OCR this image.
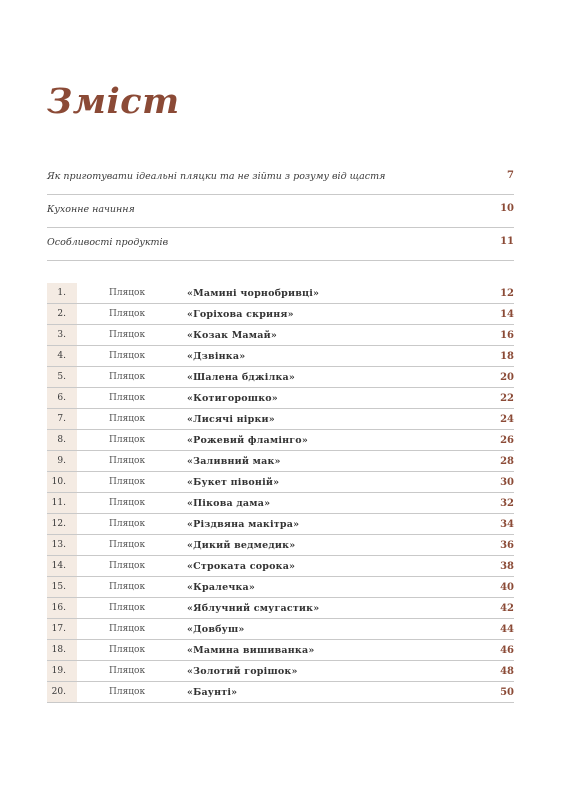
Зміст
Як приготувати ідеальні пляцки та не зійти з розуму від щастя	7
Кухонне начиння	10
Особливості продуктів	11
1.	Пляцок	«Мамині чорнобривці»	12
2.	Пляцок	«Горіхова скриня»	14
3.	Пляцок	«Козак Мамай»	16
4.	Пляцок	«Дзвінка»	18
5.	Пляцок	«Шалена бджілка»	20
6.	Пляцок	«Котигорошко»	22
7.	Пляцок	«Лисячі нірки»	24
8.	Пляцок	«Рожевий фламінго»	26
9.	Пляцок	«Заливний мак»	28
10.	Пляцок	«Букет півоній»	30
11.	Пляцок	«Пікова дама»	32
12.	Пляцок	«Різдвяна макітра»	34
13.	Пляцок	«Дикий ведмедик»	36
14.	Пляцок	«Строката сорока»	38
15.	Пляцок	«Кралечка»	40
16.	Пляцок	«Яблучний смугастик»	42
17.	Пляцок	«Довбуш»	44
18.	Пляцок	«Мамина вишиванка»	46
19.	Пляцок	«Золотий горішок»	48
20.	Пляцок	«Баунті»	50
